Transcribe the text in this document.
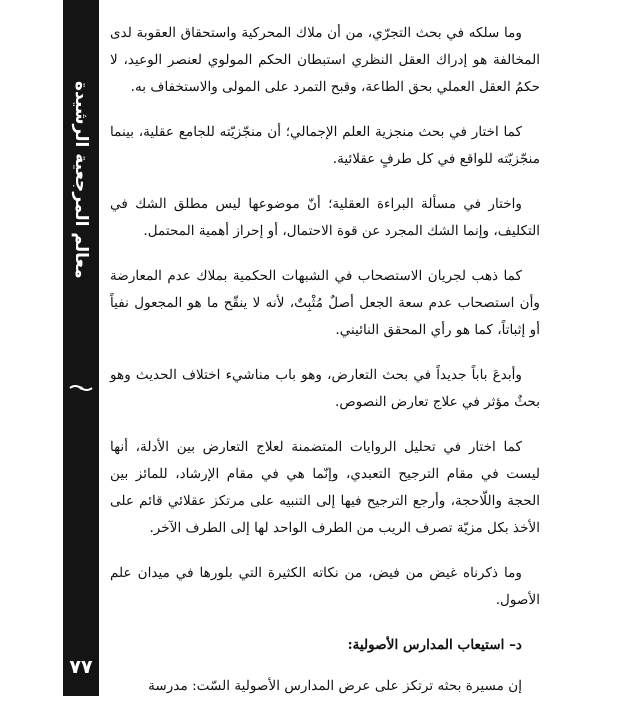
معالم المرجعية الرشيدة
٧٧

وما سلكه في بحث التجرّي، من أن ملاك المحركية واستحقاق العقوبة لدى المخالفة هو إدراك العقل النظري استبطان الحكم المولوي لعنصر الوعيد، لا حكمُ العقل العملي بحق الطاعة، وقبح التمرد على المولى والاستخفاف به.

كما اختار في بحث منجزية العلم الإجمالي؛ أن منجّزيّته للجامع عقلية، بينما منجّزيّته للواقع في كل طرفٍ عقلائية.

واختار في مسألة البراءة العقلية؛ أنّ موضوعها ليس مطلق الشك في التكليف، وإنما الشك المجرد عن قوة الاحتمال، أو إحراز أهمية المحتمل.

كما ذهب لجريان الاستصحاب في الشبهات الحكمية بملاك عدم المعارضة وأن استصحاب عدم سعة الجعل أصلٌ مُثْبِتٌ، لأنه لا ينقّح ما هو المجعول نفياً أو إثباتاً، كما هو رأي المحقق النائيني.

وأبدعَ باباً جديداً في بحث التعارض، وهو باب مناشيء اختلاف الحديث وهو بحثٌ مؤثر في علاج تعارض النصوص.

كما اختار في تحليل الروايات المتضمنة لعلاج التعارض بين الأدلة، أنها ليست في مقام الترجيح التعبدي، وإنّما هي في مقام الإرشاد، للمائز بين الحجة واللّاحجة، وأرجع الترجيح فيها إلى التنبيه على مرتكز عقلائي قائم على الأخذ بكل مزيّة تصرف الريب من الطرف الواحد لها إلى الطرف الآخر.

وما ذكرناه غيض من فيض، من نكاته الكثيرة التي بلورها في ميدان علم الأصول.

د– استيعاب المدارس الأصولية:

إن مسيرة بحثه ترتكز على عرض المدارس الأصولية السّت: مدرسة
